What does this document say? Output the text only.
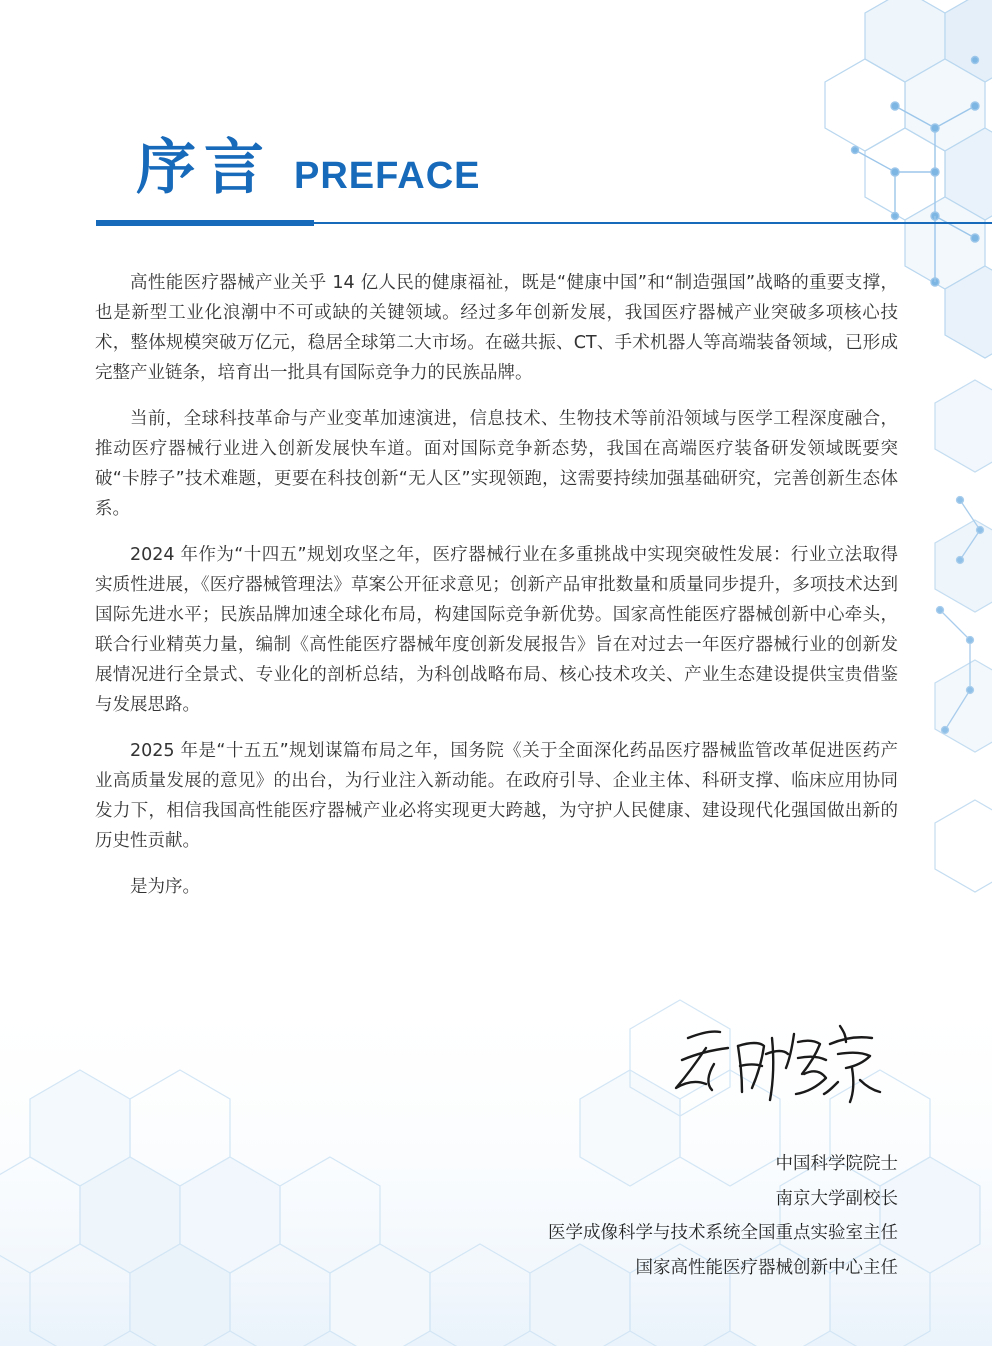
序言 PREFACE

高性能医疗器械产业关乎 14 亿人民的健康福祉，既是“健康中国”和“制造强国”战略的重要支撑，也是新型工业化浪潮中不可或缺的关键领域。经过多年创新发展，我国医疗器械产业突破多项核心技术，整体规模突破万亿元，稳居全球第二大市场。在磁共振、CT、手术机器人等高端装备领域，已形成完整产业链条，培育出一批具有国际竞争力的民族品牌。

当前，全球科技革命与产业变革加速演进，信息技术、生物技术等前沿领域与医学工程深度融合，推动医疗器械行业进入创新发展快车道。面对国际竞争新态势，我国在高端医疗装备研发领域既要突破“卡脖子”技术难题，更要在科技创新“无人区”实现领跑，这需要持续加强基础研究，完善创新生态体系。

2024 年作为“十四五”规划攻坚之年，医疗器械行业在多重挑战中实现突破性发展：行业立法取得实质性进展，《医疗器械管理法》草案公开征求意见；创新产品审批数量和质量同步提升，多项技术达到国际先进水平；民族品牌加速全球化布局，构建国际竞争新优势。国家高性能医疗器械创新中心牵头，联合行业精英力量，编制《高性能医疗器械年度创新发展报告》旨在对过去一年医疗器械行业的创新发展情况进行全景式、专业化的剖析总结，为科创战略布局、核心技术攻关、产业生态建设提供宝贵借鉴与发展思路。

2025 年是“十五五”规划谋篇布局之年，国务院《关于全面深化药品医疗器械监管改革促进医药产业高质量发展的意见》的出台，为行业注入新动能。在政府引导、企业主体、科研支撑、临床应用协同发力下，相信我国高性能医疗器械产业必将实现更大跨越，为守护人民健康、建设现代化强国做出新的历史性贡献。

是为序。

中国科学院院士
南京大学副校长
医学成像科学与技术系统全国重点实验室主任
国家高性能医疗器械创新中心主任
